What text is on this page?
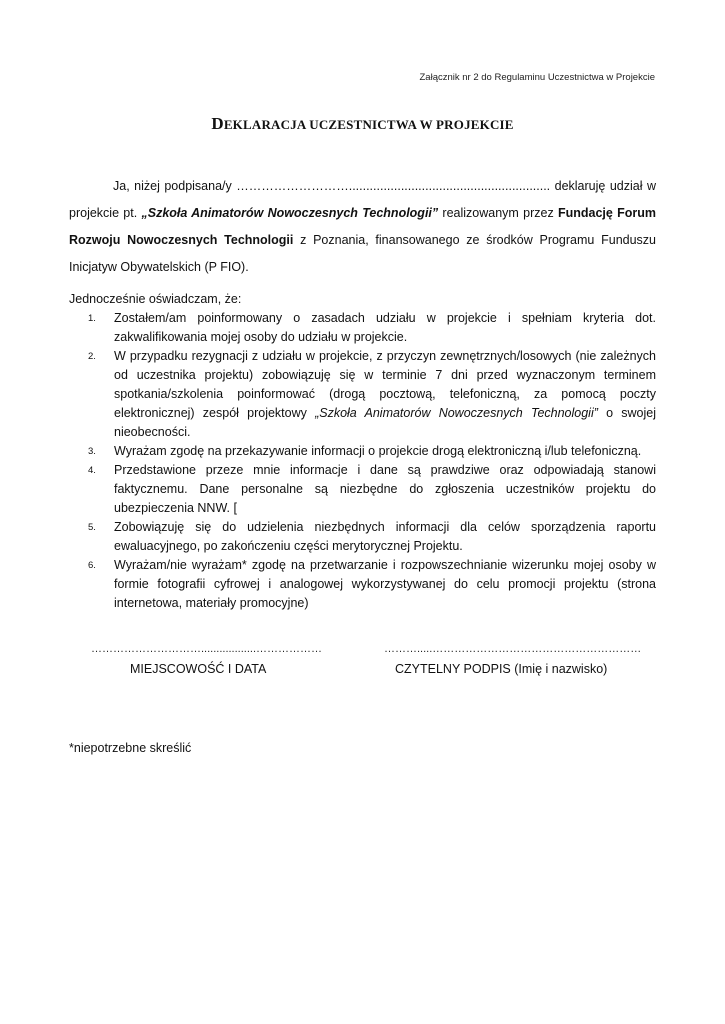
Załącznik nr 2 do Regulaminu Uczestnictwa w Projekcie
DEKLARACJA UCZESTNICTWA W PROJEKCIE

Ja, niżej podpisana/y ……………………….......................................................... deklaruję udział w projekcie pt. „Szkoła Animatorów Nowoczesnych Technologii” realizowanym przez Fundację Forum Rozwoju Nowoczesnych Technologii z Poznania, finansowanego ze środków Programu Funduszu Inicjatyw Obywatelskich (P FIO).

Jednocześnie oświadczam, że:
1. Zostałem/am poinformowany o zasadach udziału w projekcie i spełniam kryteria dot. zakwalifikowania mojej osoby do udziału w projekcie.
2. W przypadku rezygnacji z udziału w projekcie, z przyczyn zewnętrznych/losowych (nie zależnych od uczestnika projektu) zobowiązuję się w terminie 7 dni przed wyznaczonym terminem spotkania/szkolenia poinformować (drogą pocztową, telefoniczną, za pomocą poczty elektronicznej) zespół projektowy „Szkoła Animatorów Nowoczesnych Technologii” o swojej nieobecności.
3. Wyrażam zgodę na przekazywanie informacji o projekcie drogą elektroniczną i/lub telefoniczną.
4. Przedstawione przeze mnie informacje i dane są prawdziwe oraz odpowiadają stanowi faktycznemu. Dane personalne są niezbędne do zgłoszenia uczestników projektu do ubezpieczenia NNW. [
5. Zobowiązuję się do udzielenia niezbędnych informacji dla celów sporządzenia raportu ewaluacyjnego, po zakończeniu części merytorycznej Projektu.
6. Wyrażam/nie wyrażam* zgodę na przetwarzanie i rozpowszechnianie wizerunku mojej osoby w formie fotografii cyfrowej i analogowej wykorzystywanej do celu promocji projektu (strona internetowa, materiały promocyjne)
…………………………..................………………	……….....…………………………………………………
MIEJSCOWOŚĆ I DATA	CZYTELNY PODPIS (Imię i nazwisko)
*niepotrzebne skreślić
